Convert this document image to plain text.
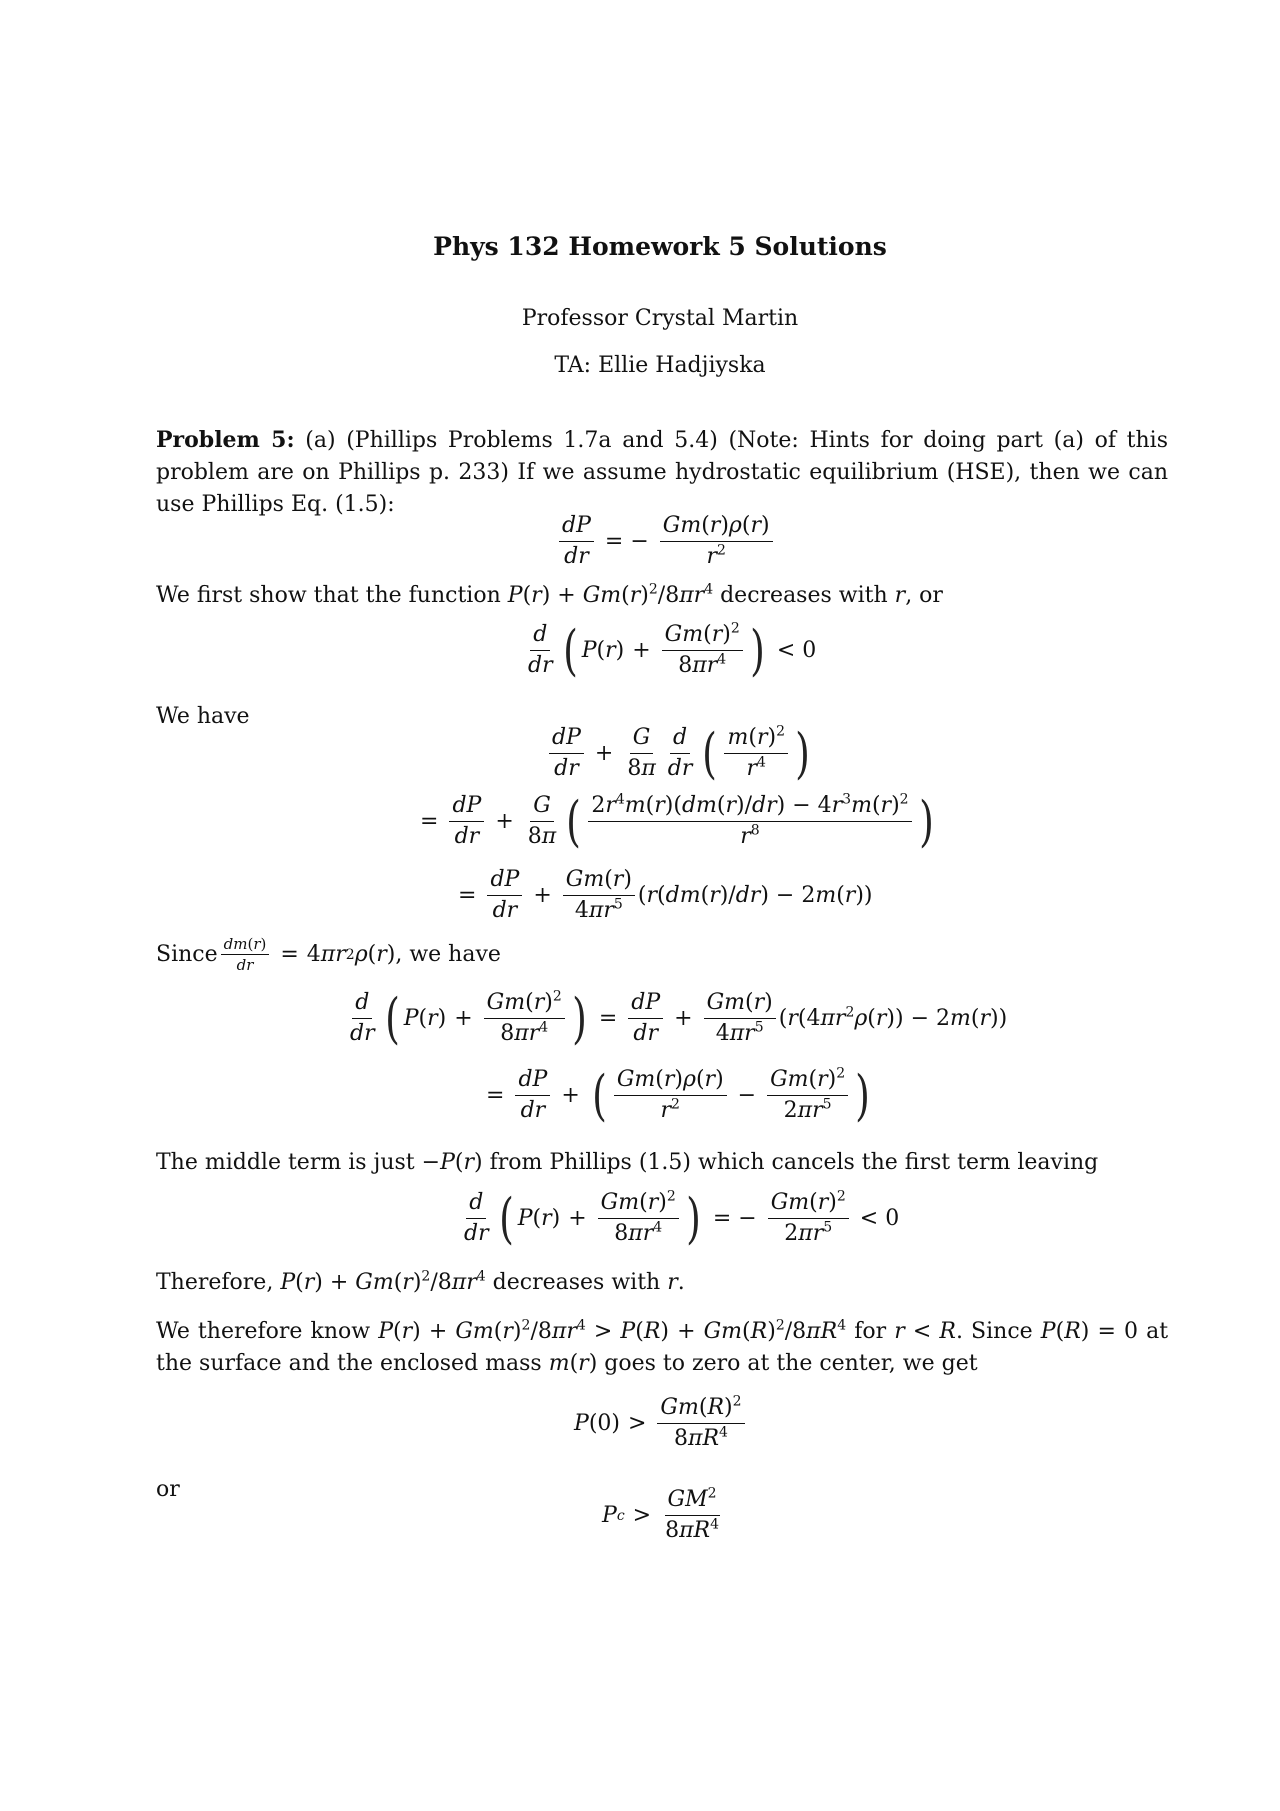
Phys 132 Homework 5 Solutions
Professor Crystal Martin
TA: Ellie Hadjiyska
Problem 5: (a) (Phillips Problems 1.7a and 5.4) (Note: Hints for doing part (a) of this problem are on Phillips p. 233) If we assume hydrostatic equilibrium (HSE), then we can use Phillips Eq. (1.5):
$\frac{dP}{dr}$ = − $\frac{Gm(r)\rho(r)}{r^2}$
We first show that the function $P(r) + Gm(r)^2/8\pi r^4$ decreases with r, or
$\frac{d}{dr}$ ( P ( r ) + $\frac{Gm(r)^2}{8\pi r^4}$ ) < 0
We have
$\frac{dP}{dr} + \frac{G}{8\pi} \frac{d}{dr}$ ( $\frac{m(r)^2}{r^4}$ )
= $\frac{dP}{dr} + \frac{G}{8\pi}$ ( $\frac{2r^4m(r)(dm(r)/dr) - 4r^3m(r)^2}{r^8}$ )
= $\frac{dP}{dr} + \frac{Gm(r)}{4\pi r^5} (r(dm(r)/dr) - 2m(r))$
Since $\frac{dm(r)}{dr} = 4$ πr 2 ρ ( r ) , we have
$\frac{d}{dr}$ ( P ( r ) + $\frac{Gm(r)^2}{8\pi r^4}$ ) = $\frac{dP}{dr} + \frac{Gm(r)}{4\pi r^5} (r(4\pi r^2\rho(r)) - 2m(r))$
= $\frac{dP}{dr}$ + ( $\frac{Gm(r)\rho(r)}{r^2} - \frac{Gm(r)^2}{2\pi r^5}$ )
The middle term is just −P(r) from Phillips (1.5) which cancels the first term leaving
$\frac{d}{dr}$ ( P ( r ) + $\frac{Gm(r)^2}{8\pi r^4}$ ) = − $\frac{Gm(r)^2}{2\pi r^5} < 0$
Therefore, $P(r) + Gm(r)^2/8\pi r^4$ decreases with r.
We therefore know $P(r) + Gm(r)^2/8\pi r^4 > P(R) + Gm(R)^2/8\pi R^4$ for r < R. Since P(R) = 0 at the surface and the enclosed mass m(r) goes to zero at the center, we get
P $(0) > \frac{Gm(R)^2}{8\pi R^4}$
or
P $c > \frac{GM^2}{8\pi R^4}$
